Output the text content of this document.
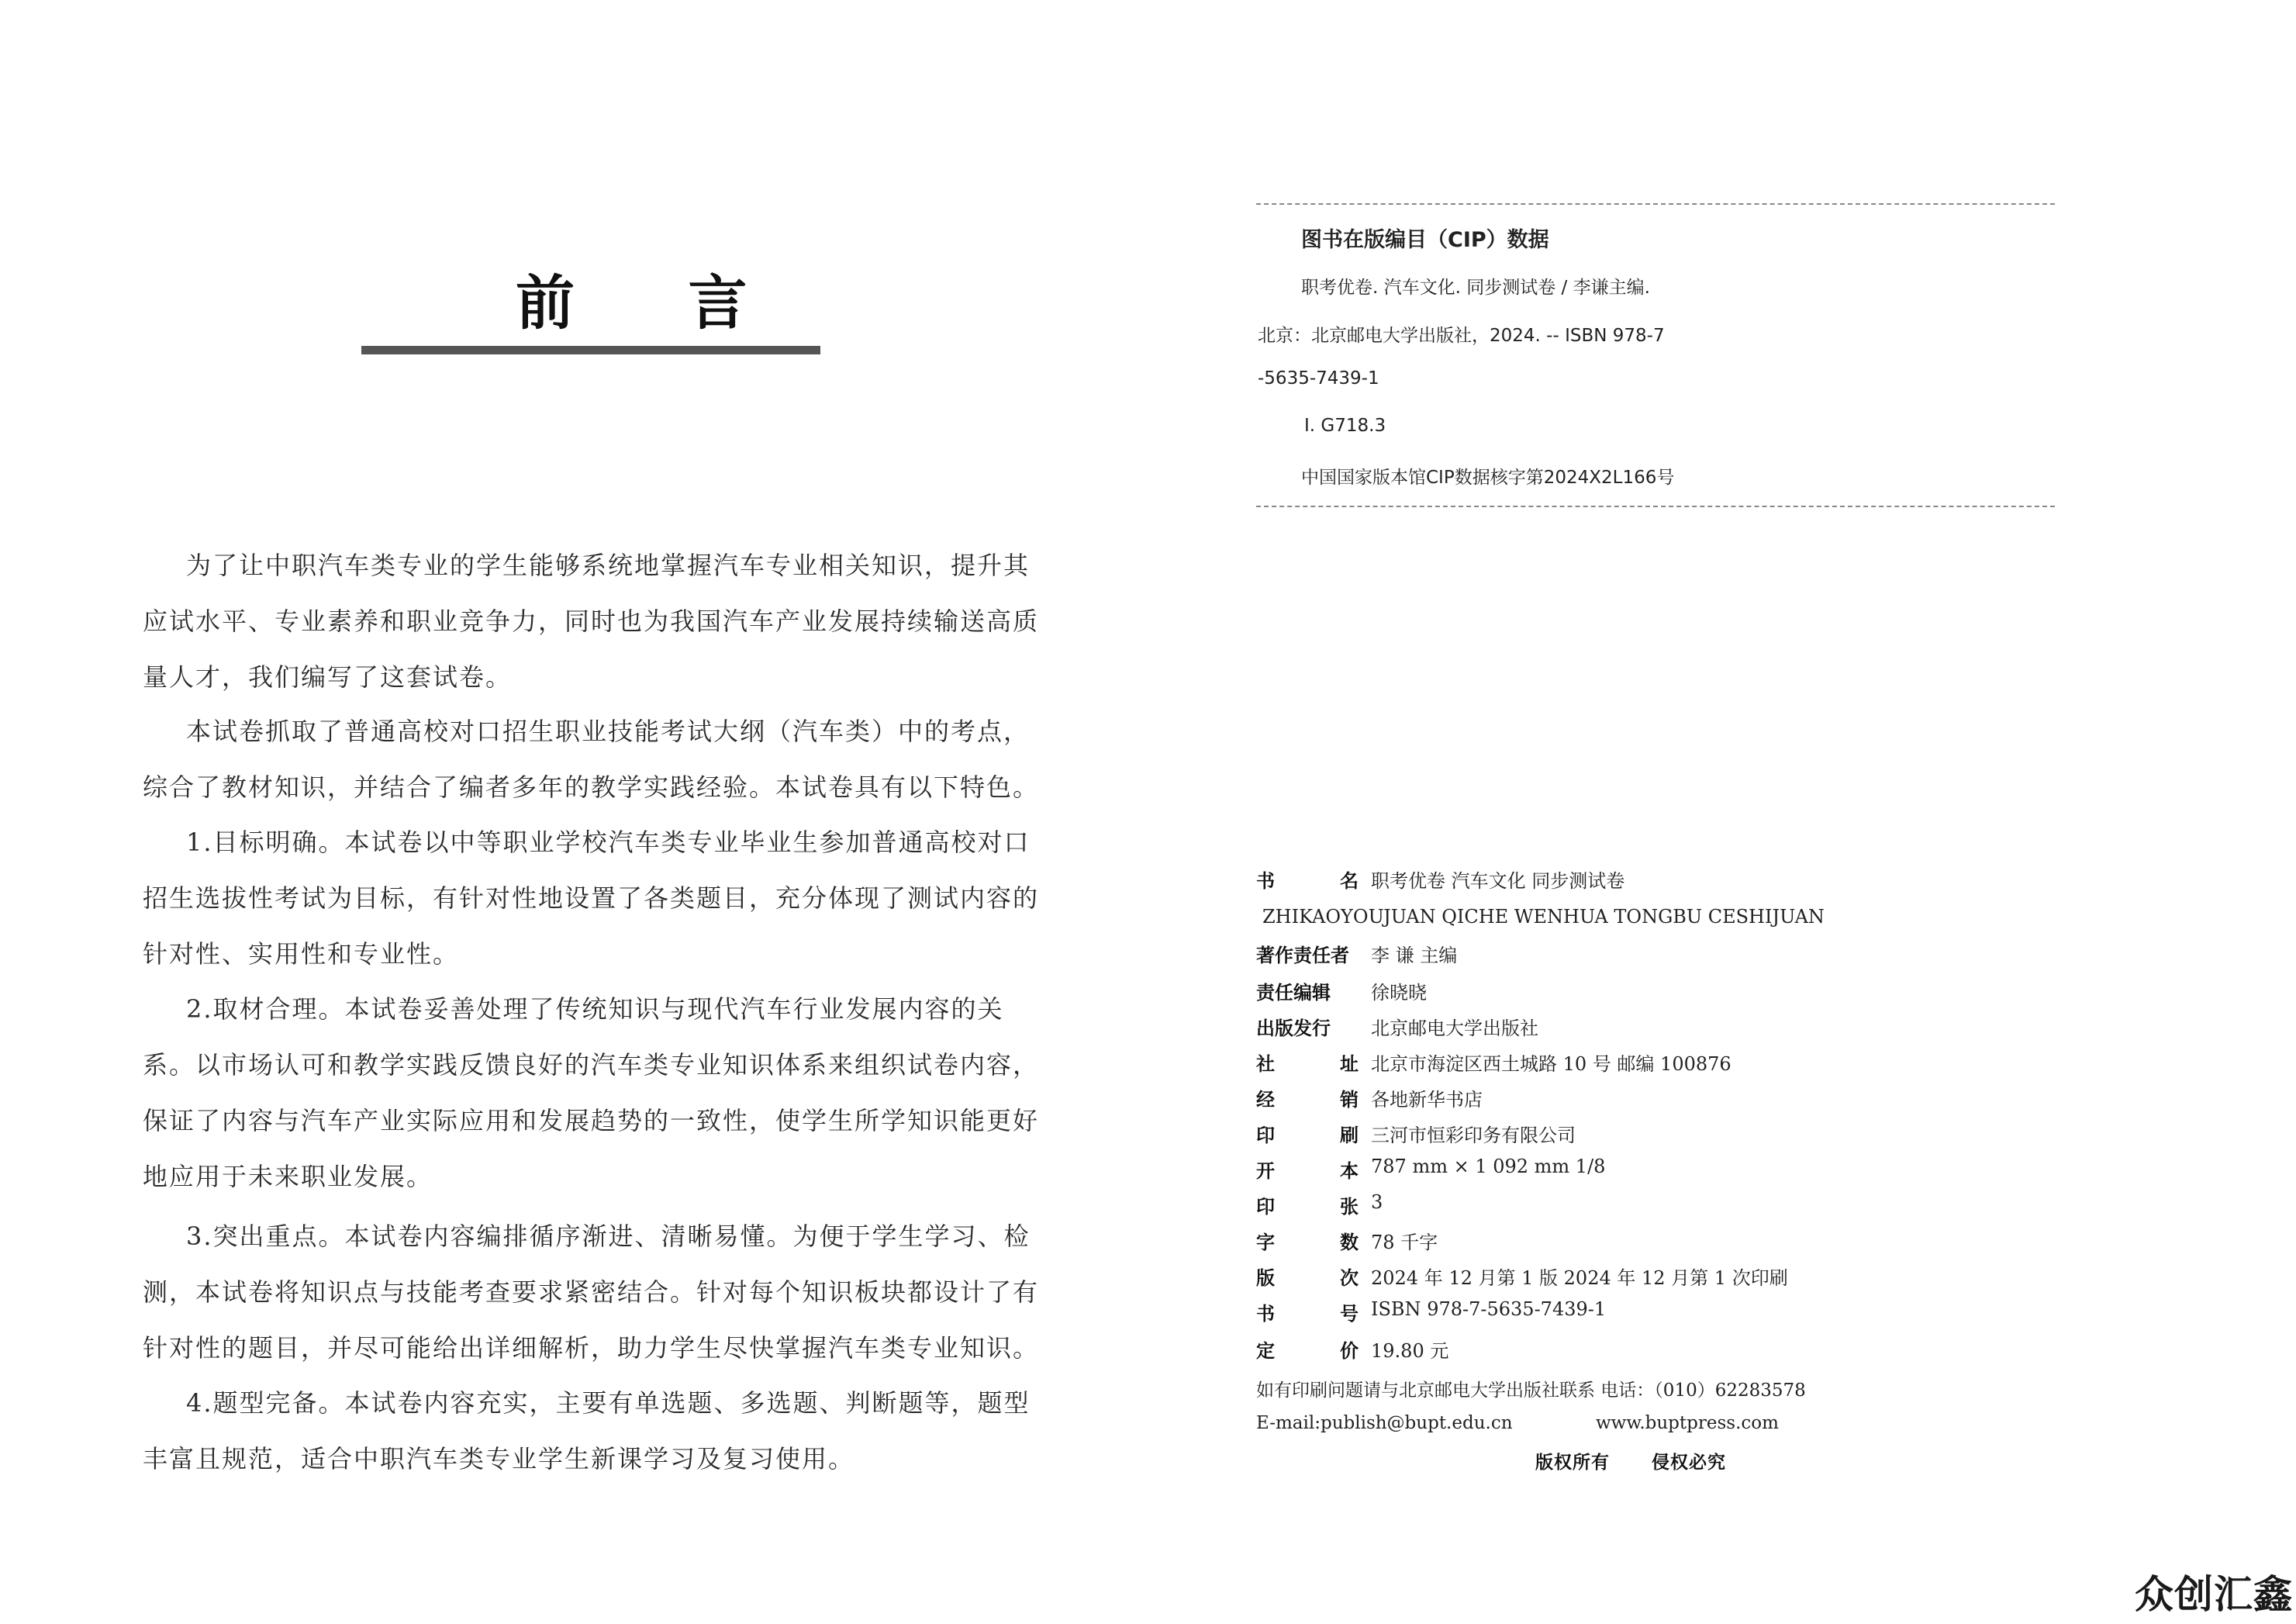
前 言

为了让中职汽车类专业的学生能够系统地掌握汽车专业相关知识，提升其应试水平、专业素养和职业竞争力，同时也为我国汽车产业发展持续输送高质量人才，我们编写了这套试卷。

本试卷抓取了普通高校对口招生职业技能考试大纲（汽车类）中的考点，综合了教材知识，并结合了编者多年的教学实践经验。本试卷具有以下特色。

1.目标明确。本试卷以中等职业学校汽车类专业毕业生参加普通高校对口招生选拔性考试为目标，有针对性地设置了各类题目，充分体现了测试内容的针对性、实用性和专业性。

2.取材合理。本试卷妥善处理了传统知识与现代汽车行业发展内容的关系。以市场认可和教学实践反馈良好的汽车类专业知识体系来组织试卷内容，保证了内容与汽车产业实际应用和发展趋势的一致性，使学生所学知识能更好地应用于未来职业发展。

3.突出重点。本试卷内容编排循序渐进、清晰易懂。为便于学生学习、检测，本试卷将知识点与技能考查要求紧密结合。针对每个知识板块都设计了有针对性的题目，并尽可能给出详细解析，助力学生尽快掌握汽车类专业知识。

4.题型完备。本试卷内容充实，主要有单选题、多选题、判断题等，题型丰富且规范，适合中职汽车类专业学生新课学习及复习使用。

图书在版编目（CIP）数据

职考优卷. 汽车文化. 同步测试卷 / 李谦主编.

北京：北京邮电大学出版社，2024. -- ISBN 978-7

-5635-7439-1

Ⅰ. G718.3

中国国家版本馆CIP数据核字第2024X2L166号

书	名 职考优卷 汽车文化 同步测试卷
ZHIKAOYOUJUAN QICHE WENHUA TONGBU CESHIJUAN
著作责任者	李 谦 主编
责任编辑	徐晓晓
出版发行	北京邮电大学出版社
社	址 北京市海淀区西土城路 10 号 邮编 100876
经	销 各地新华书店
印	刷 三河市恒彩印务有限公司
开	本 787 mm × 1 092 mm 1/8
印	张 3
字	数 78 千字
版	次 2024 年 12 月第 1 版 2024 年 12 月第 1 次印刷
书	号 ISBN 978-7-5635-7439-1
定	价 19.80 元

如有印刷问题请与北京邮电大学出版社联系 电话：（010）62283578

E-mail:publish@bupt.edu.cn	www.buptpress.com

版权所有 侵权必究

众创汇鑫
